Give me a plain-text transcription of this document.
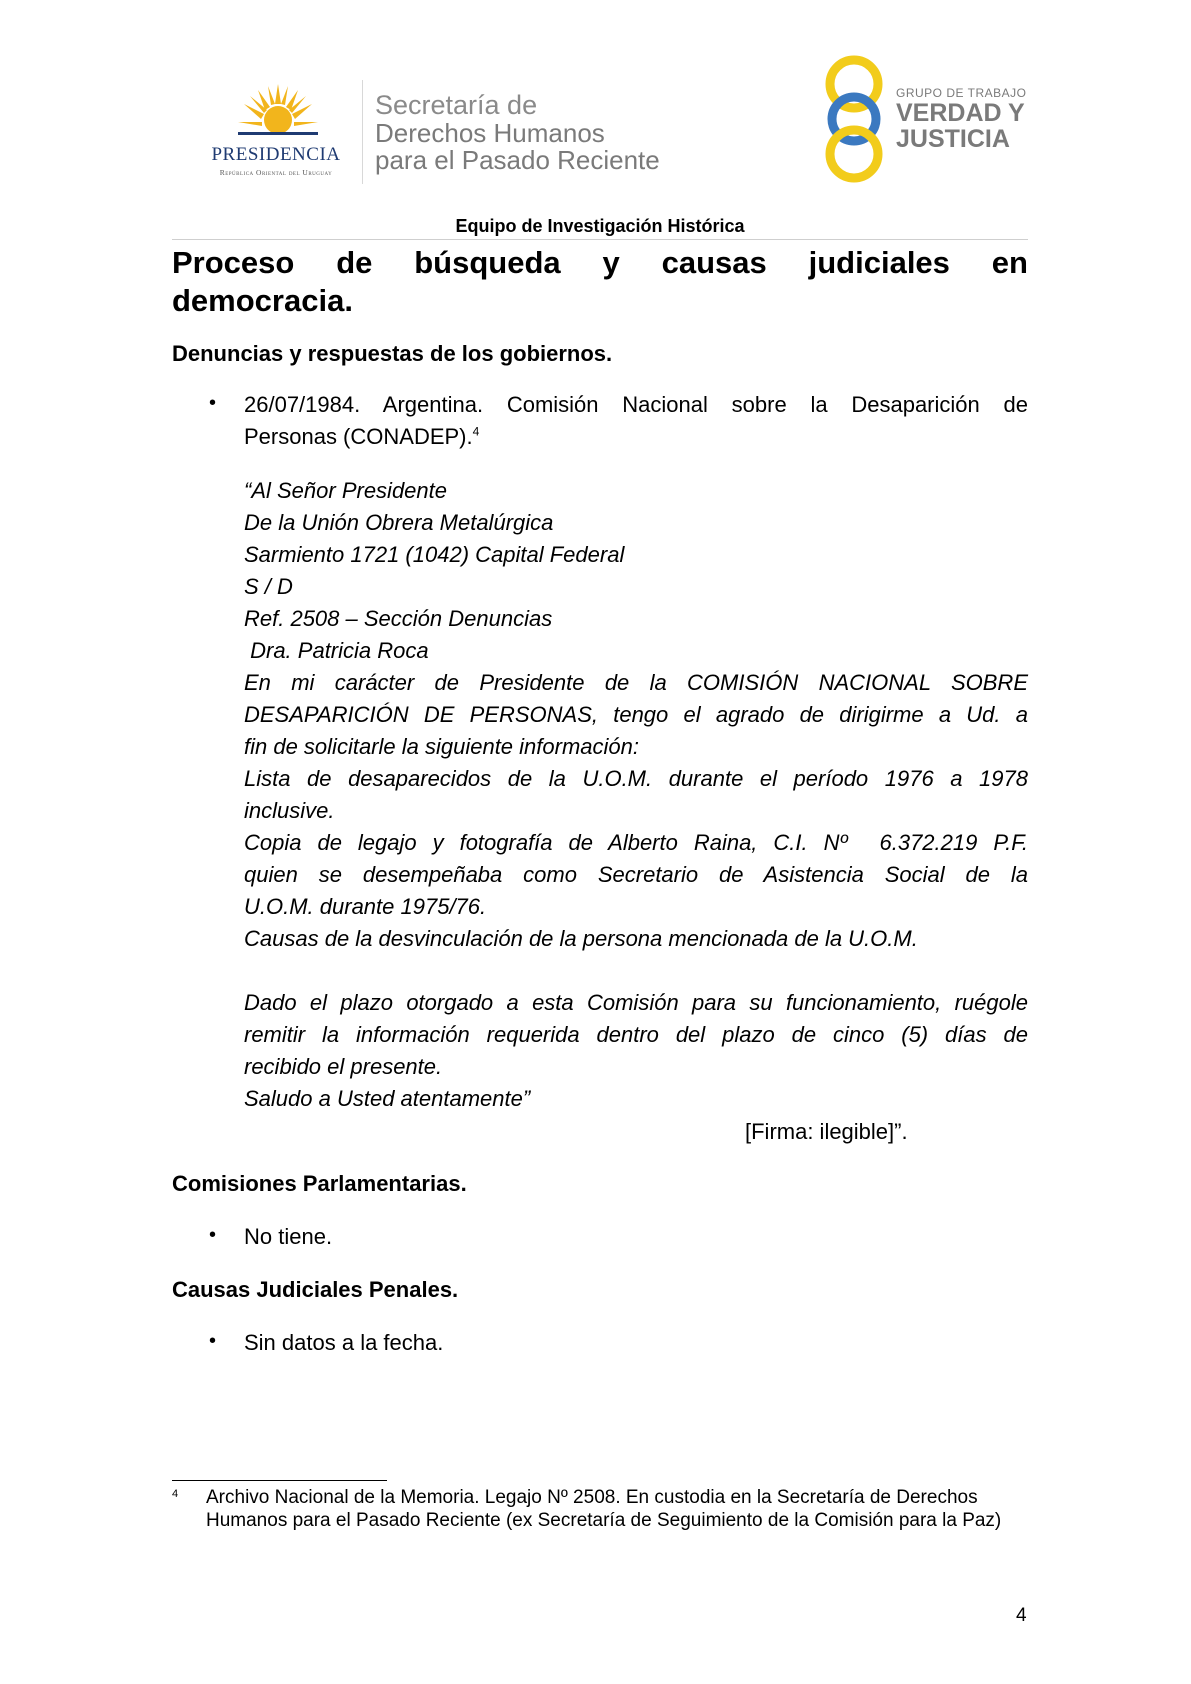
PRESIDENCIA
República Oriental del Uruguay
Secretaría de
Derechos Humanos
para el Pasado Reciente
GRUPO DE TRABAJO
VERDAD Y
JUSTICIA
Equipo de Investigación Histórica
Proceso de búsqueda y causas judiciales en
democracia.
Denuncias y respuestas de los gobiernos.
• 26/07/1984. Argentina. Comisión Nacional sobre la Desaparición de
Personas (CONADEP).$^4$
“Al Señor Presidente
De la Unión Obrera Metalúrgica
Sarmiento 1721 (1042) Capital Federal
S / D
Ref. 2508 – Sección Denuncias
Dra. Patricia Roca
En mi carácter de Presidente de la COMISIÓN NACIONAL SOBRE
DESAPARICIÓN DE PERSONAS, tengo el agrado de dirigirme a Ud. a
fin de solicitarle la siguiente información:
Lista de desaparecidos de la U.O.M. durante el período 1976 a 1978
inclusive.
Copia de legajo y fotografía de Alberto Raina, C.I. Nº  6.372.219 P.F.
quien se desempeñaba como Secretario de Asistencia Social de la
U.O.M. durante 1975/76.
Causas de la desvinculación de la persona mencionada de la U.O.M.
Dado el plazo otorgado a esta Comisión para su funcionamiento, ruégole
remitir la información requerida dentro del plazo de cinco (5) días de
recibido el presente.
Saludo a Usted atentamente”
[Firma: ilegible]”.
Comisiones Parlamentarias.
• No tiene.
Causas Judiciales Penales.
• Sin datos a la fecha.
4 Archivo Nacional de la Memoria. Legajo Nº 2508. En custodia en la Secretaría de Derechos Humanos para el Pasado Reciente (ex Secretaría de Seguimiento de la Comisión para la Paz)
4
